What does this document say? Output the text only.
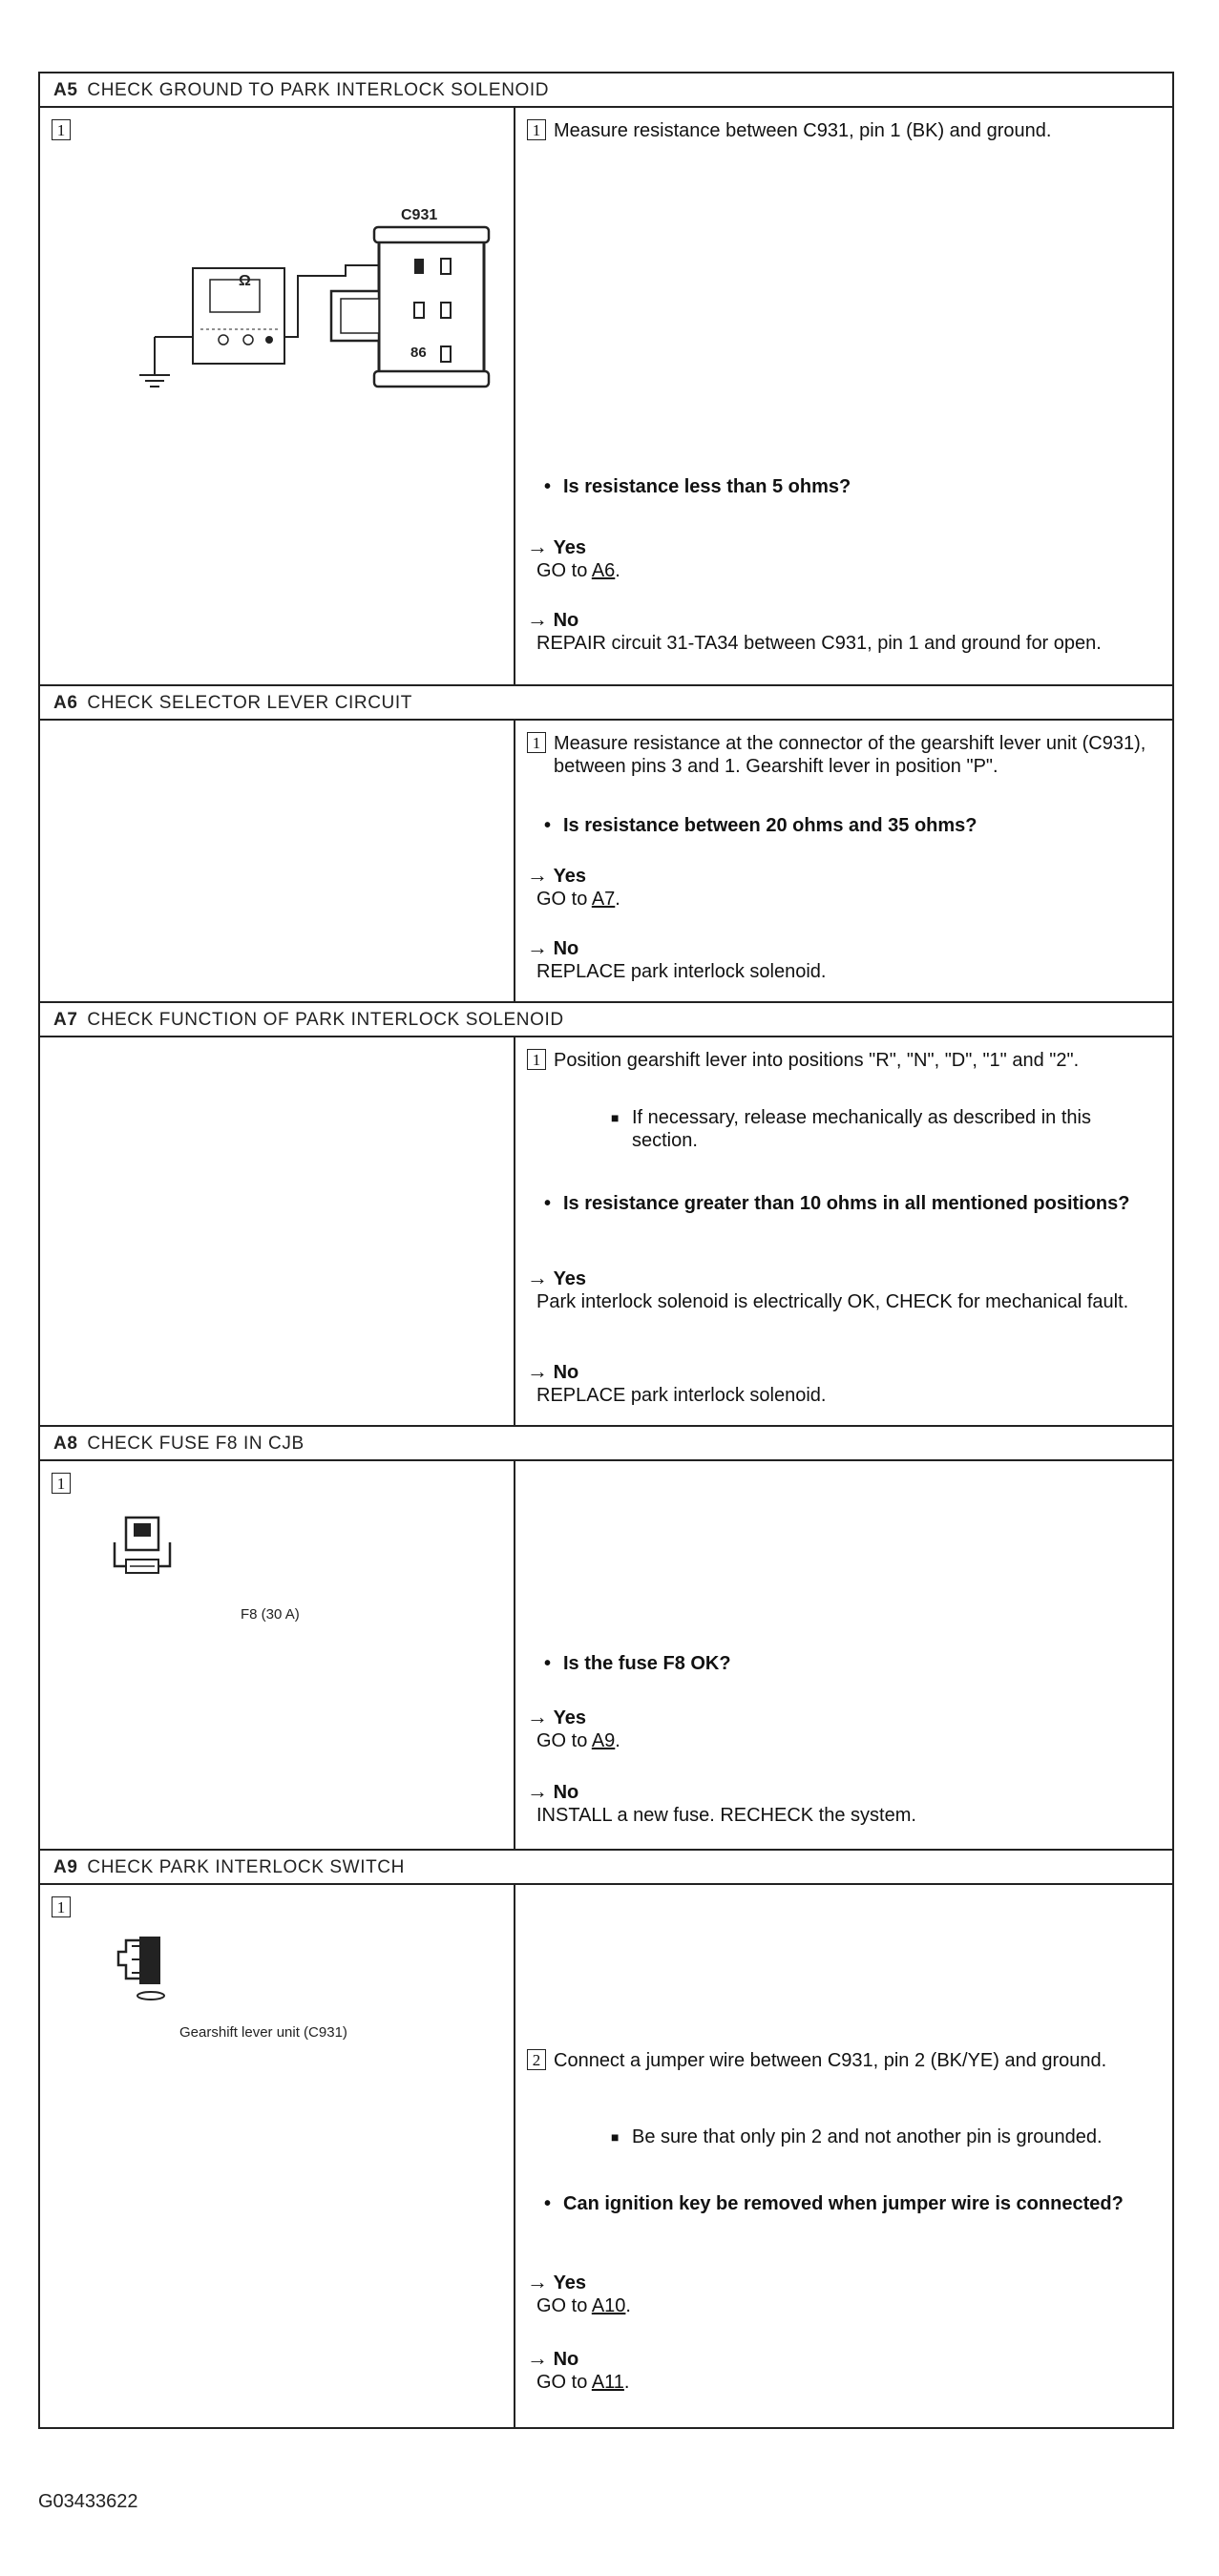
A5 CHECK GROUND TO PARK INTERLOCK SOLENOID
1
C931
Ω
86
1 Measure resistance between C931, pin 1 (BK) and ground.
• Is resistance less than 5 ohms?
→ Yes
GO to A6.
→ No
REPAIR circuit 31-TA34 between C931, pin 1 and ground for open.
A6 CHECK SELECTOR LEVER CIRCUIT
1 Measure resistance at the connector of the gearshift lever unit (C931), between pins 3 and 1. Gearshift lever in position "P".
• Is resistance between 20 ohms and 35 ohms?
→ Yes
GO to A7.
→ No
REPLACE park interlock solenoid.
A7 CHECK FUNCTION OF PARK INTERLOCK SOLENOID
1 Position gearshift lever into positions "R", "N", "D", "1" and "2".
■ If necessary, release mechanically as described in this section.
• Is resistance greater than 10 ohms in all mentioned positions?
→ Yes
Park interlock solenoid is electrically OK, CHECK for mechanical fault.
→ No
REPLACE park interlock solenoid.
A8 CHECK FUSE F8 IN CJB
1
F8 (30 A)
• Is the fuse F8 OK?
→ Yes
GO to A9.
→ No
INSTALL a new fuse. RECHECK the system.
A9 CHECK PARK INTERLOCK SWITCH
1
Gearshift lever unit (C931)
2 Connect a jumper wire between C931, pin 2 (BK/YE) and ground.
■ Be sure that only pin 2 and not another pin is grounded.
• Can ignition key be removed when jumper wire is connected?
→ Yes
GO to A10.
→ No
GO to A11.
G03433622
